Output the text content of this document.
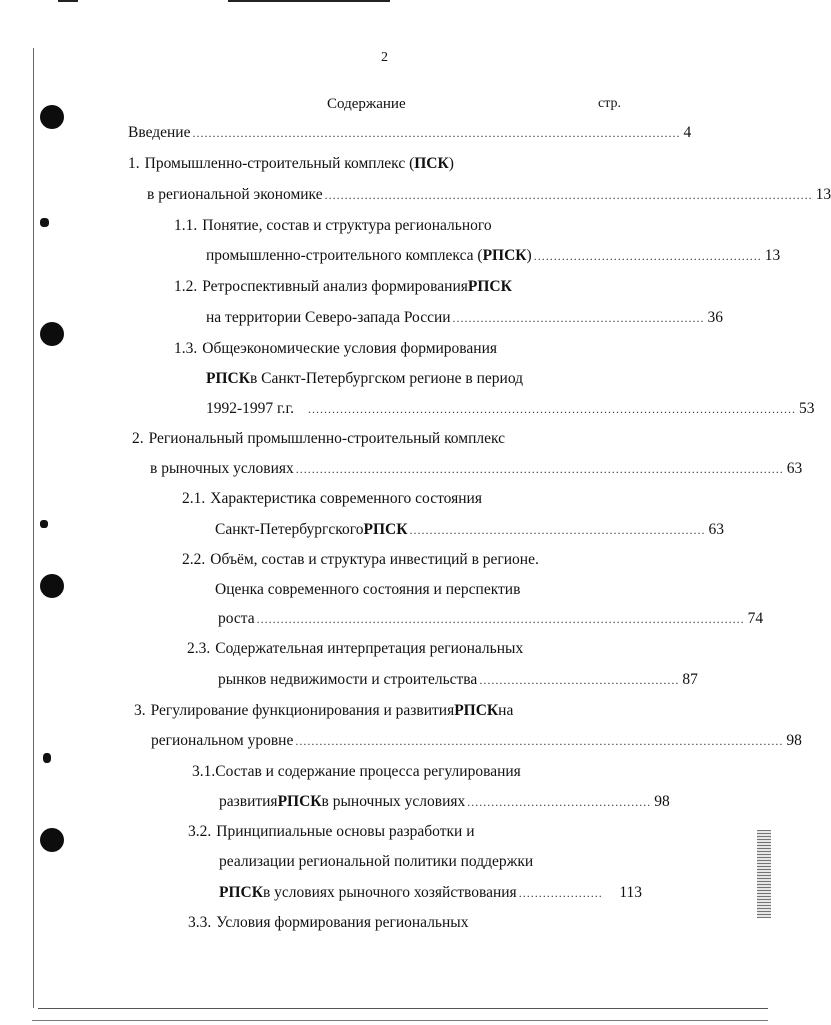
2
Содержание	стр.
Введение .......................................................................................................................... 4
1. Промышленно-строительный комплекс ( ПСК )
в региональной экономике .......................................................................................................................... 13
1.1. Понятие, состав и структура регионального
промышленно-строительного комплекса ( РПСК ) ......................................................... 13
1.2. Ретроспективный анализ формирования РПСК
на территории Северо-запада России ............................................................... 36
1.3. Общеэкономические условия формирования
РПСК в Санкт-Петербургском регионе в период
1992-1997 г.г. .......................................................................................................................... 53
2. Региональный промышленно-строительный комплекс
в рыночных условиях .......................................................................................................................... 63
2.1. Характеристика современного состояния
Санкт-Петербургского РПСК .......................................................................... 63
2.2. Объём, состав и структура инвестиций в регионе.
Оценка современного состояния и перспектив
роста .......................................................................................................................... 74
2.3. Содержательная интерпретация региональных
рынков недвижимости и строительства .................................................. 87
3. Регулирование функционирования и развития РПСК на
региональном уровне .......................................................................................................................... 98
3.1. Состав и содержание процесса регулирования
развития РПСК в рыночных условиях .............................................. 98
3.2. Принципиальные основы разработки и
реализации региональной политики поддержки
РПСК в условиях рыночного хозяйствования .....................	113
3.3. Условия формирования региональных
